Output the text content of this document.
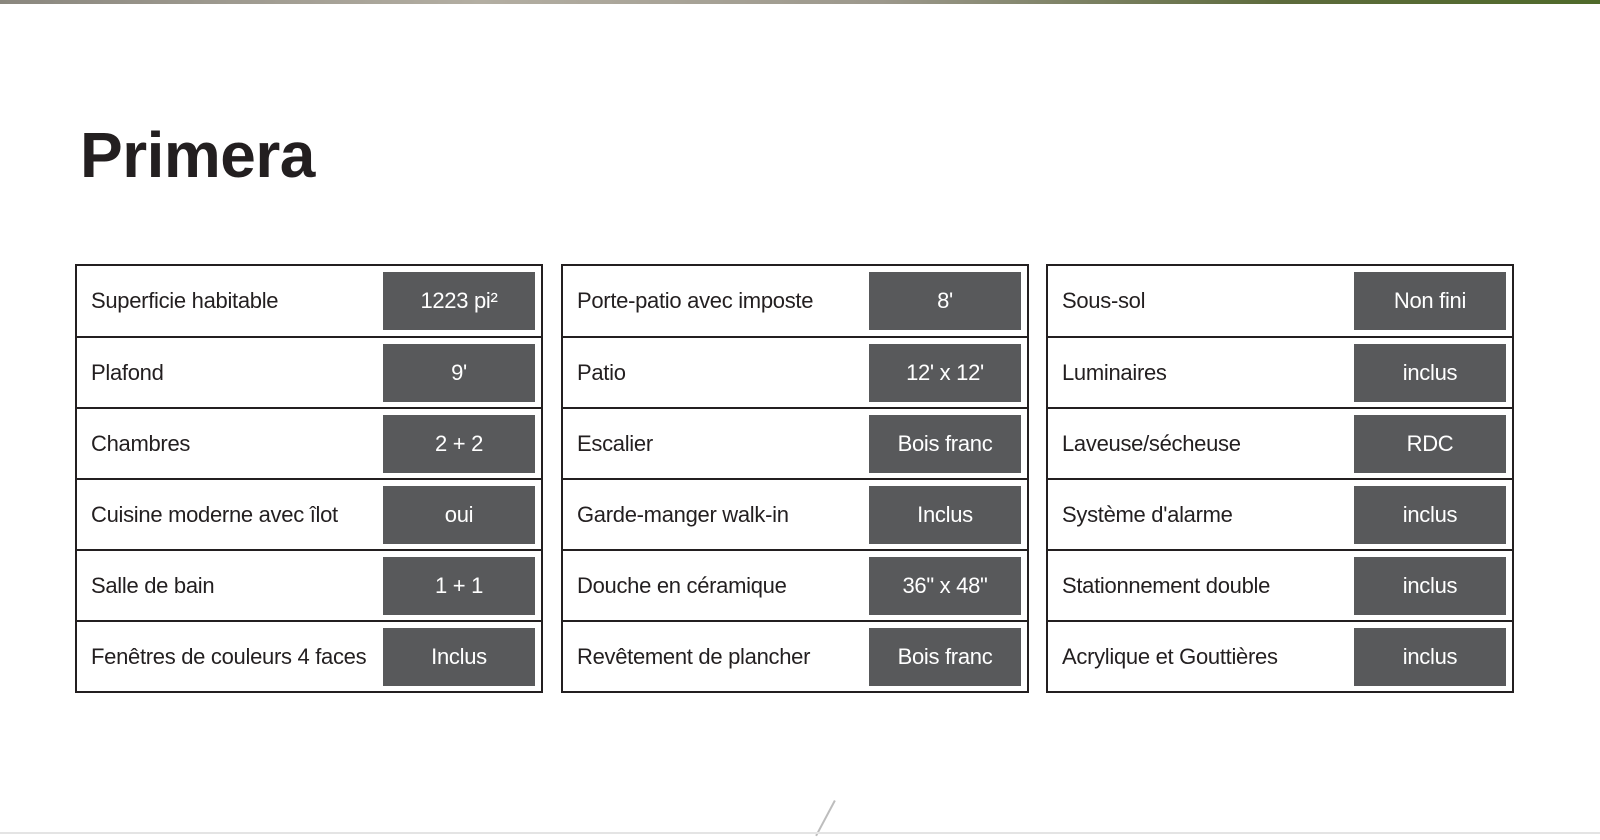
Primera
Superficie habitable	1223 pi²
Plafond	9'
Chambres	2 + 2
Cuisine moderne avec îlot	oui
Salle de bain	1 + 1
Fenêtres de couleurs 4 faces	Inclus
Porte-patio avec imposte	8'
Patio	12' x 12'
Escalier	Bois franc
Garde-manger walk-in	Inclus
Douche en céramique	36" x 48"
Revêtement de plancher	Bois franc
Sous-sol	Non fini
Luminaires	inclus
Laveuse/sécheuse	RDC
Système d'alarme	inclus
Stationnement double	inclus
Acrylique et Gouttières	inclus
